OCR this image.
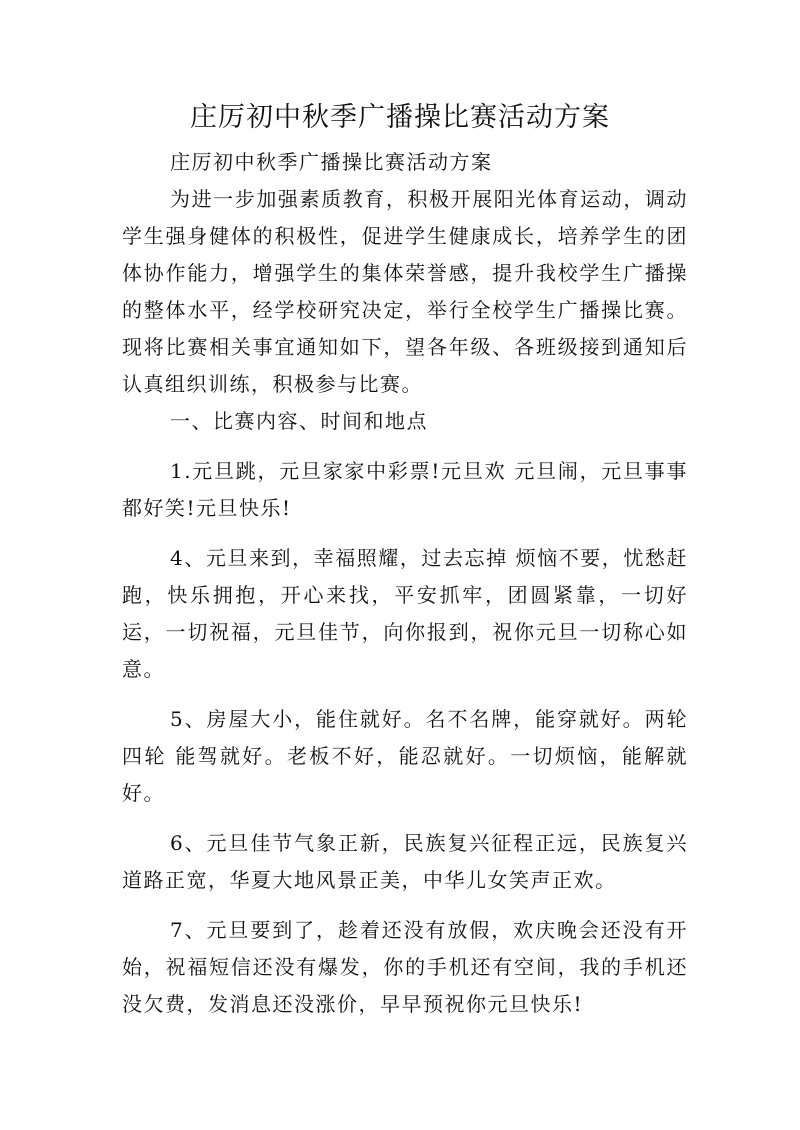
庄厉初中秋季广播操比赛活动方案

庄厉初中秋季广播操比赛活动方案

为进一步加强素质教育，积极开展阳光体育运动，调动学生强身健体的积极性，促进学生健康成长，培养学生的团体协作能力，增强学生的集体荣誉感，提升我校学生广播操的整体水平，经学校研究决定，举行全校学生广播操比赛。现将比赛相关事宜通知如下，望各年级、各班级接到通知后认真组织训练，积极参与比赛。

一、比赛内容、时间和地点

1.元旦跳，元旦家家中彩票!元旦欢 元旦闹，元旦事事都好笑!元旦快乐!

4、元旦来到，幸福照耀，过去忘掉 烦恼不要，忧愁赶跑，快乐拥抱，开心来找，平安抓牢，团圆紧靠，一切好运，一切祝福，元旦佳节，向你报到，祝你元旦一切称心如意。

5、房屋大小，能住就好。名不名牌，能穿就好。两轮四轮 能驾就好。老板不好，能忍就好。一切烦恼，能解就好。

6、元旦佳节气象正新，民族复兴征程正远，民族复兴道路正宽，华夏大地风景正美，中华儿女笑声正欢。

7、元旦要到了，趁着还没有放假，欢庆晚会还没有开始，祝福短信还没有爆发，你的手机还有空间，我的手机还没欠费，发消息还没涨价，早早预祝你元旦快乐!
